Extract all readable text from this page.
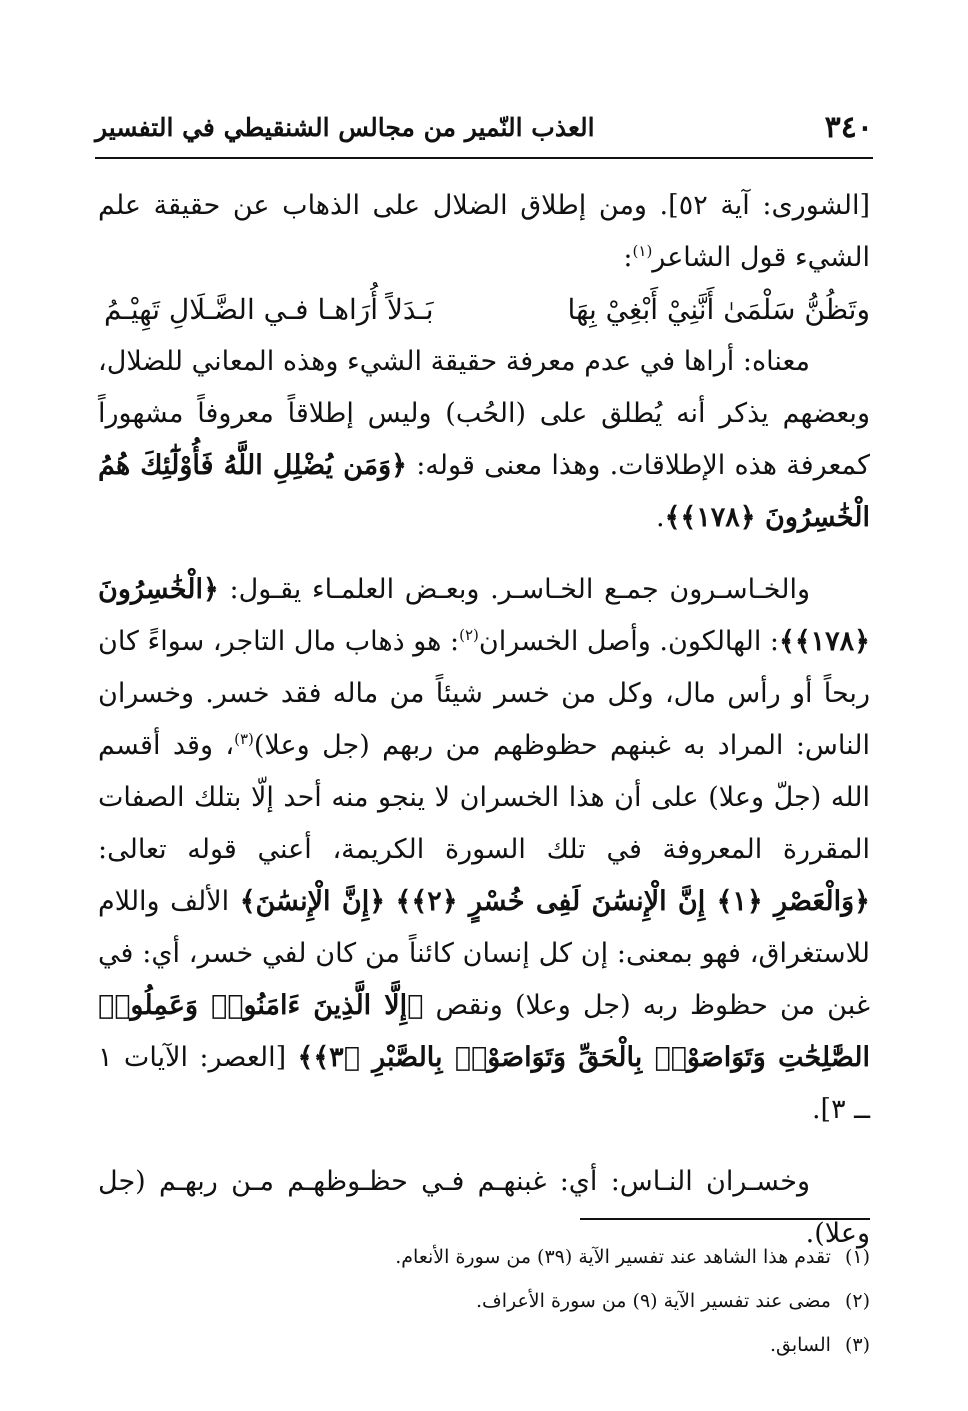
٣٤٠
العذب النّمير من مجالس الشنقيطي في التفسير

[الشورى: آية ٥٢]. ومن إطلاق الضلال على الذهاب عن حقيقة علم الشيء قول الشاعر$^{(١)}$:

وتَظُنُّ سَلْمَىٰ أَنَّنِيْ أَبْغِيْ بِهَا
بَـدَلاً أُرَاهـا فـي الضَّـلَالِ تَهِيْـمُ

معناه: أراها في عدم معرفة حقيقة الشيء وهذه المعاني للضلال، وبعضهم يذكر أنه يُطلق على (الحُب) وليس إطلاقاً معروفاً مشهوراً كمعرفة هذه الإطلاقات. وهذا معنى قوله: ﴿وَمَن يُضْلِلِ اللَّهُ فَأُوْلَٰٓئِكَ هُمُ الْخَٰسِرُونَ ﴿١٧٨﴾﴾.

والخـاسـرون جمـع الخـاسـر. وبعـض العلمـاء يقـول: ﴿الْخَٰسِرُونَ ﴿١٧٨﴾﴾: الهالكون. وأصل الخسران$^{(٢)}$: هو ذهاب مال التاجر، سواءً كان ربحاً أو رأس مال، وكل من خسر شيئاً من ماله فقد خسر. وخسران الناس: المراد به غبنهم حظوظهم من ربهم (جل وعلا)$^{(٣)}$، وقد أقسم الله (جلّ وعلا) على أن هذا الخسران لا ينجو منه أحد إلّا بتلك الصفات المقررة المعروفة في تلك السورة الكريمة، أعني قوله تعالى: ﴿وَالْعَصْرِ ﴿١﴾ إِنَّ الْإِنسَٰنَ لَفِى خُسْرٍ ﴿٢﴾﴾ ﴿إِنَّ الْإِنسَٰنَ﴾ الألف واللام للاستغراق، فهو بمعنى: إن كل إنسان كائناً من كان لفي خسر، أي: في غبن من حظوظ ربه (جل وعلا) ونقص ﴿إِلَّا الَّذِينَ ءَامَنُوا۟ وَعَمِلُوا۟ الصَّٰلِحَٰتِ وَتَوَاصَوْا۟ بِالْحَقِّ وَتَوَاصَوْا۟ بِالصَّبْرِ ﴿٣﴾﴾ [العصر: الآيات ١ ــ ٣].

وخسـران النـاس: أي: غبنهـم فـي حظـوظهـم مـن ربهـم (جل وعلا).

(١)تقدم هذا الشاهد عند تفسير الآية (٣٩) من سورة الأنعام.

(٢)مضى عند تفسير الآية (٩) من سورة الأعراف.

(٣)السابق.
